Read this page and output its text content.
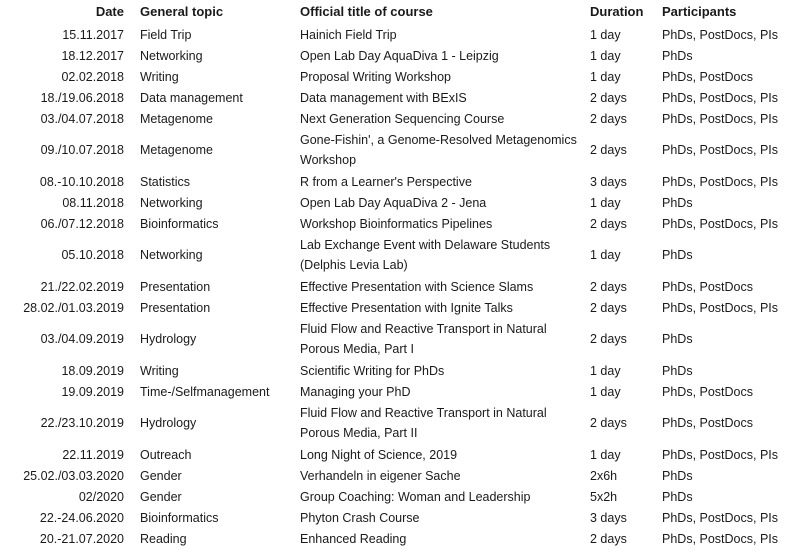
Date	General topic	Official title of course	Duration	Participants
15.11.2017	Field Trip	Hainich Field Trip	1 day	PhDs, PostDocs, PIs
18.12.2017	Networking	Open Lab Day AquaDiva 1 - Leipzig	1 day	PhDs
02.02.2018	Writing	Proposal Writing Workshop	1 day	PhDs, PostDocs
18./19.06.2018	Data management	Data management with BExIS	2 days	PhDs, PostDocs, PIs
03./04.07.2018	Metagenome	Next Generation Sequencing Course	2 days	PhDs, PostDocs, PIs
09./10.07.2018	Metagenome	Gone-Fishin', a Genome-Resolved Metagenomics Workshop	2 days	PhDs, PostDocs, PIs
08.-10.10.2018	Statistics	R from a Learner's Perspective	3 days	PhDs, PostDocs, PIs
08.11.2018	Networking	Open Lab Day AquaDiva 2 - Jena	1 day	PhDs
06./07.12.2018	Bioinformatics	Workshop Bioinformatics Pipelines	2 days	PhDs, PostDocs, PIs
05.10.2018	Networking	Lab Exchange Event with Delaware Students (Delphis Levia Lab)	1 day	PhDs
21./22.02.2019	Presentation	Effective Presentation with Science Slams	2 days	PhDs, PostDocs
28.02./01.03.2019	Presentation	Effective Presentation with Ignite Talks	2 days	PhDs, PostDocs, PIs
03./04.09.2019	Hydrology	Fluid Flow and Reactive Transport in Natural Porous Media, Part I	2 days	PhDs
18.09.2019	Writing	Scientific Writing for PhDs	1 day	PhDs
19.09.2019	Time-/Selfmanagement	Managing your PhD	1 day	PhDs, PostDocs
22./23.10.2019	Hydrology	Fluid Flow and Reactive Transport in Natural Porous Media, Part II	2 days	PhDs, PostDocs
22.11.2019	Outreach	Long Night of Science, 2019	1 day	PhDs, PostDocs, PIs
25.02./03.03.2020	Gender	Verhandeln in eigener Sache	2x6h	PhDs
02/2020	Gender	Group Coaching: Woman and Leadership	5x2h	PhDs
22.-24.06.2020	Bioinformatics	Phyton Crash Course	3 days	PhDs, PostDocs, PIs
20.-21.07.2020	Reading	Enhanced Reading	2 days	PhDs, PostDocs, PIs
